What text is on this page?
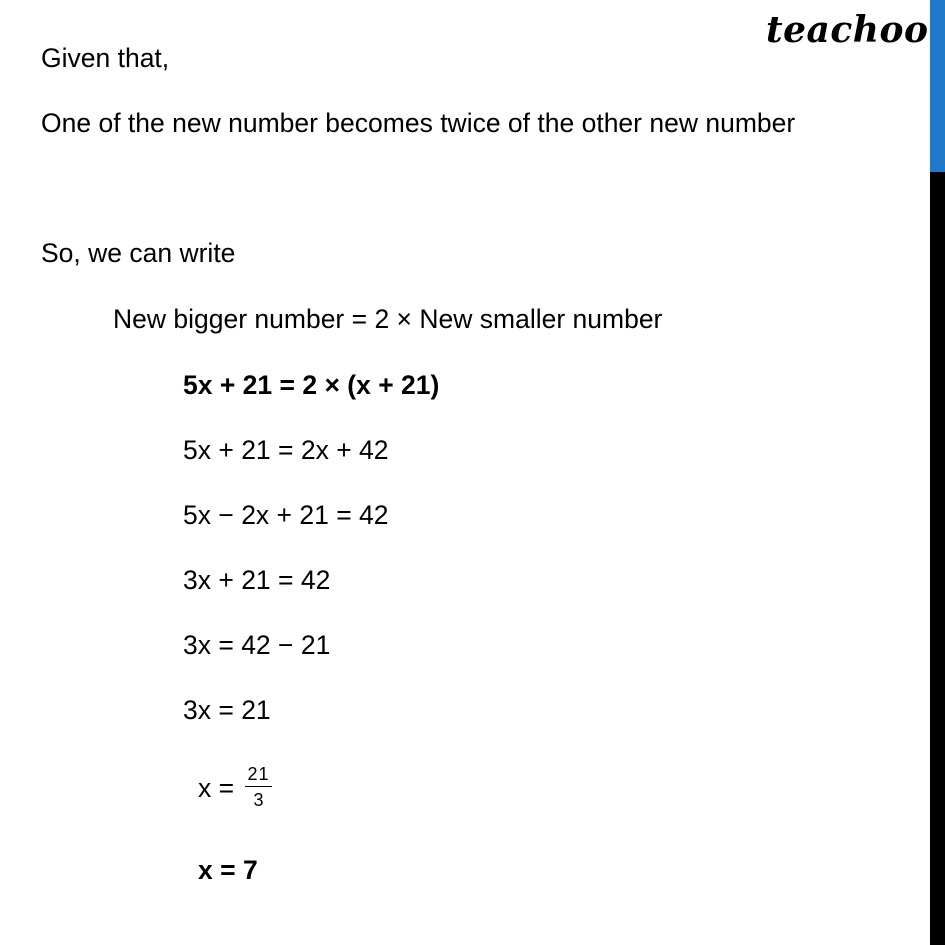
teachoo
Given that,
One of the new number becomes twice of the other new number
So, we can write
New bigger number = 2 × New smaller number
5x + 21 = 2 × (x + 21)
5x + 21 = 2x + 42
5x − 2x + 21 = 42
3x + 21 = 42
3x = 42 − 21
3x = 21
$x = \frac{21}{3}$
x = 7
